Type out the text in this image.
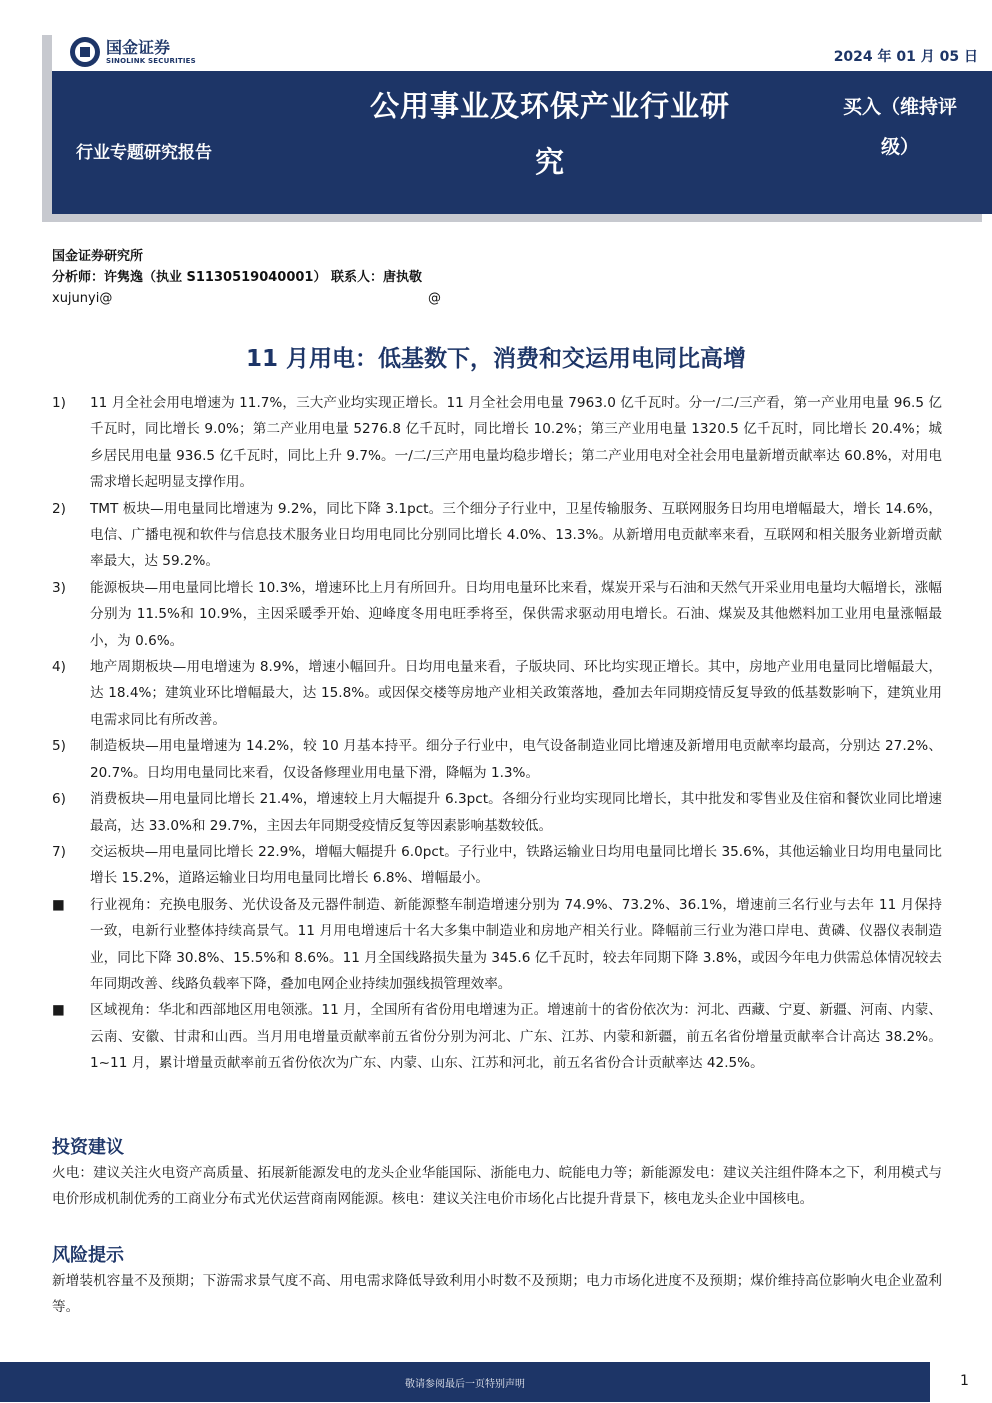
国金证券
SINOLINK SECURITIES	2024 年 01 月 05 日
公用事业及环保产业行业研
究
行业专题研究报告
买入（维持评
级）
国金证券研究所
分析师：许隽逸（执业 S1130519040001） 联系人：唐执敬
xujunyi@	@
11 月用电：低基数下，消费和交运用电同比高增
1)	11 月全社会用电增速为 11.7%，三大产业均实现正增长。11 月全社会用电量 7963.0 亿千瓦时。分一/二/三产看，第一产业用电量 96.5 亿千瓦时，同比增长 9.0%；第二产业用电量 5276.8 亿千瓦时，同比增长 10.2%；第三产业用电量 1320.5 亿千瓦时，同比增长 20.4%；城乡居民用电量 936.5 亿千瓦时，同比上升 9.7%。一/二/三产用电量均稳步增长；第二产业用电对全社会用电量新增贡献率达 60.8%，对用电需求增长起明显支撑作用。
2)	TMT 板块—用电量同比增速为 9.2%，同比下降 3.1pct。三个细分子行业中，卫星传输服务、互联网服务日均用电增幅最大，增长 14.6%，电信、广播电视和软件与信息技术服务业日均用电同比分别同比增长 4.0%、13.3%。从新增用电贡献率来看，互联网和相关服务业新增贡献率最大，达 59.2%。
3)	能源板块—用电量同比增长 10.3%，增速环比上月有所回升。日均用电量环比来看，煤炭开采与石油和天然气开采业用电量均大幅增长，涨幅分别为 11.5%和 10.9%，主因采暖季开始、迎峰度冬用电旺季将至，保供需求驱动用电增长。石油、煤炭及其他燃料加工业用电量涨幅最小，为 0.6%。
4)	地产周期板块—用电增速为 8.9%，增速小幅回升。日均用电量来看，子版块同、环比均实现正增长。其中，房地产业用电量同比增幅最大，达 18.4%；建筑业环比增幅最大，达 15.8%。或因保交楼等房地产业相关政策落地，叠加去年同期疫情反复导致的低基数影响下，建筑业用电需求同比有所改善。
5)	制造板块—用电量增速为 14.2%，较 10 月基本持平。细分子行业中，电气设备制造业同比增速及新增用电贡献率均最高，分别达 27.2%、20.7%。日均用电量同比来看，仅设备修理业用电量下滑，降幅为 1.3%。
6)	消费板块—用电量同比增长 21.4%，增速较上月大幅提升 6.3pct。各细分行业均实现同比增长，其中批发和零售业及住宿和餐饮业同比增速最高，达 33.0%和 29.7%，主因去年同期受疫情反复等因素影响基数较低。
7)	交运板块—用电量同比增长 22.9%，增幅大幅提升 6.0pct。子行业中，铁路运输业日均用电量同比增长 35.6%，其他运输业日均用电量同比增长 15.2%，道路运输业日均用电量同比增长 6.8%、增幅最小。
■	行业视角：充换电服务、光伏设备及元器件制造、新能源整车制造增速分别为 74.9%、73.2%、36.1%，增速前三名行业与去年 11 月保持一致，电新行业整体持续高景气。11 月用电增速后十名大多集中制造业和房地产相关行业。降幅前三行业为港口岸电、黄磷、仪器仪表制造业，同比下降 30.8%、15.5%和 8.6%。11 月全国线路损失量为 345.6 亿千瓦时，较去年同期下降 3.8%，或因今年电力供需总体情况较去年同期改善、线路负载率下降，叠加电网企业持续加强线损管理效率。
■	区域视角：华北和西部地区用电领涨。11 月，全国所有省份用电增速为正。增速前十的省份依次为：河北、西藏、宁夏、新疆、河南、内蒙、云南、安徽、甘肃和山西。当月用电增量贡献率前五省份分别为河北、广东、江苏、内蒙和新疆，前五名省份增量贡献率合计高达 38.2%。1~11 月，累计增量贡献率前五省份依次为广东、内蒙、山东、江苏和河北，前五名省份合计贡献率达 42.5%。
投资建议
火电：建议关注火电资产高质量、拓展新能源发电的龙头企业华能国际、浙能电力、皖能电力等；新能源发电：建议关注组件降本之下，利用模式与电价形成机制优秀的工商业分布式光伏运营商南网能源。核电：建议关注电价市场化占比提升背景下，核电龙头企业中国核电。
风险提示
新增装机容量不及预期；下游需求景气度不高、用电需求降低导致利用小时数不及预期；电力市场化进度不及预期；煤价维持高位影响火电企业盈利等。
敬请参阅最后一页特别声明	1
